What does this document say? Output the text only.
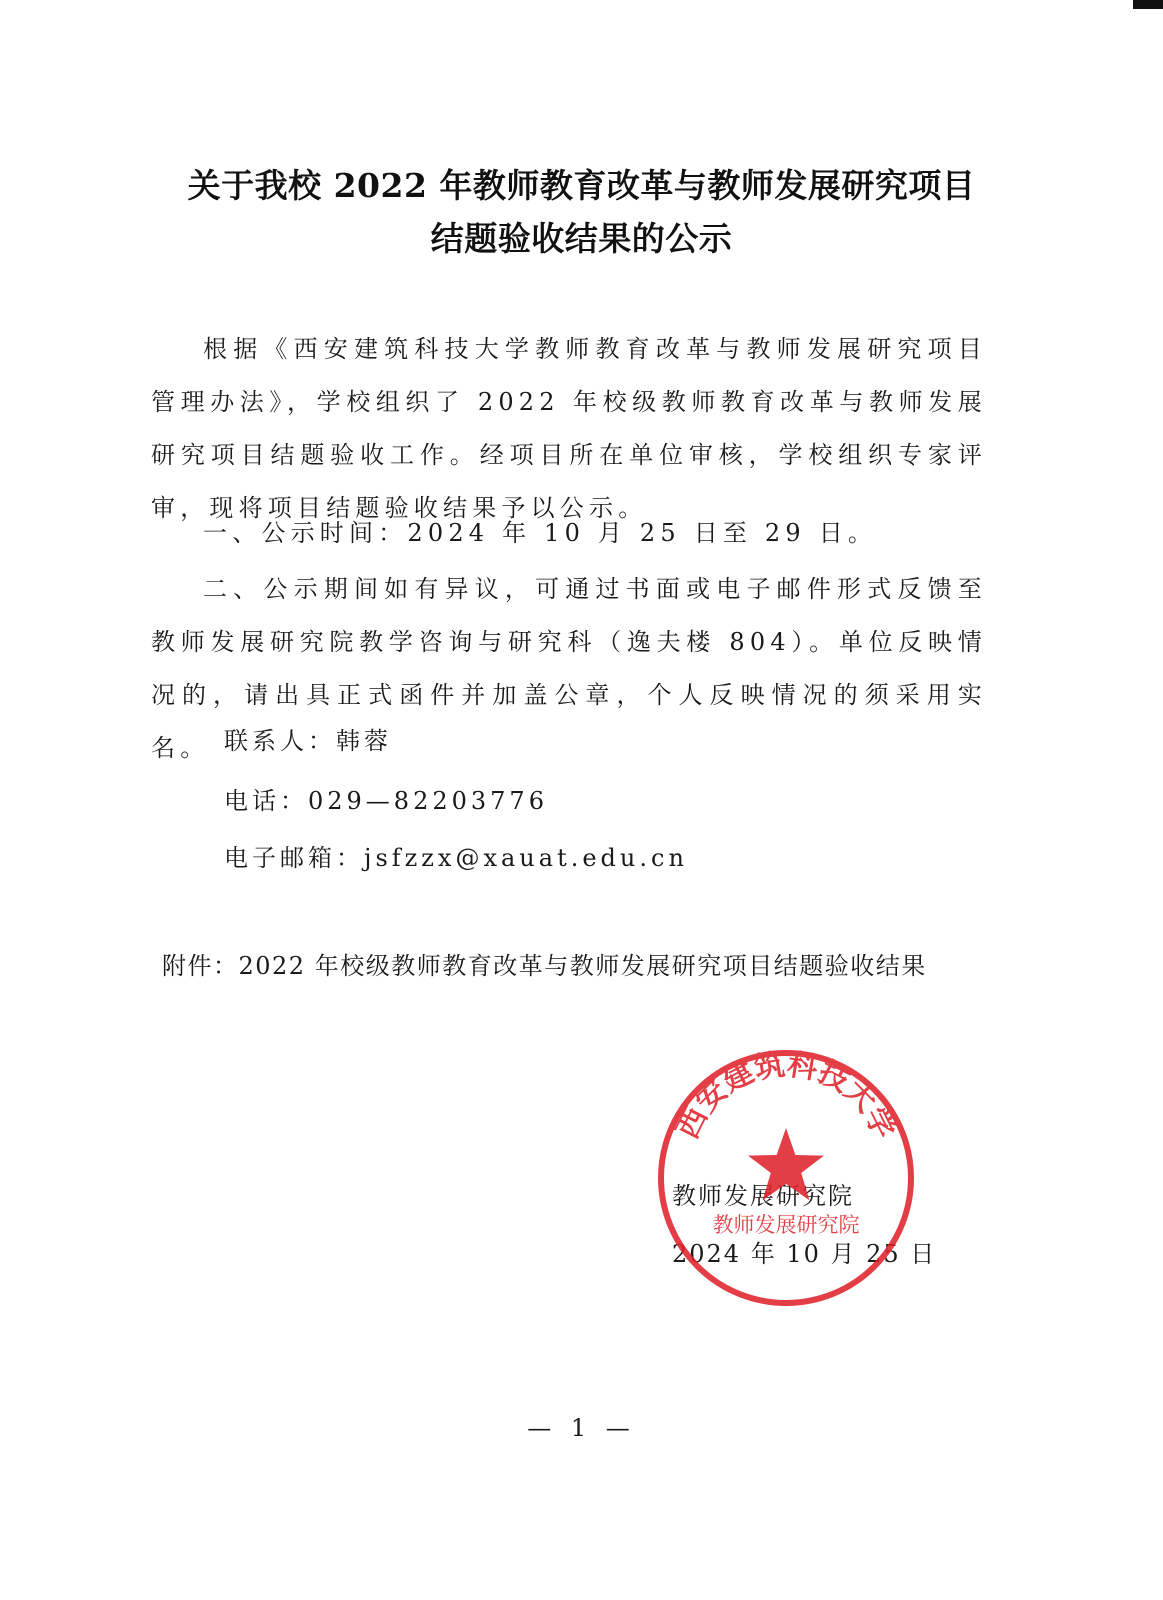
关于我校 2022 年教师教育改革与教师发展研究项目
结题验收结果的公示

根据《西安建筑科技大学教师教育改革与教师发展研究项目管理办法》，学校组织了 2022 年校级教师教育改革与教师发展研究项目结题验收工作。经项目所在单位审核，学校组织专家评审，现将项目结题验收结果予以公示。

一、公示时间：2024 年 10 月 25 日至 29 日。

二、公示期间如有异议，可通过书面或电子邮件形式反馈至教师发展研究院教学咨询与研究科（逸夫楼 804）。单位反映情况的，请出具正式函件并加盖公章，个人反映情况的须采用实名。 联系人：韩蓉

电话：029—82203776

电子邮箱：jsfzzx@xauat.edu.cn

附件：2022 年校级教师教育改革与教师发展研究项目结题验收结果

教师发展研究院
2024 年 10 月 25 日
西安建筑科技大学
教师发展研究院
— 1 —
